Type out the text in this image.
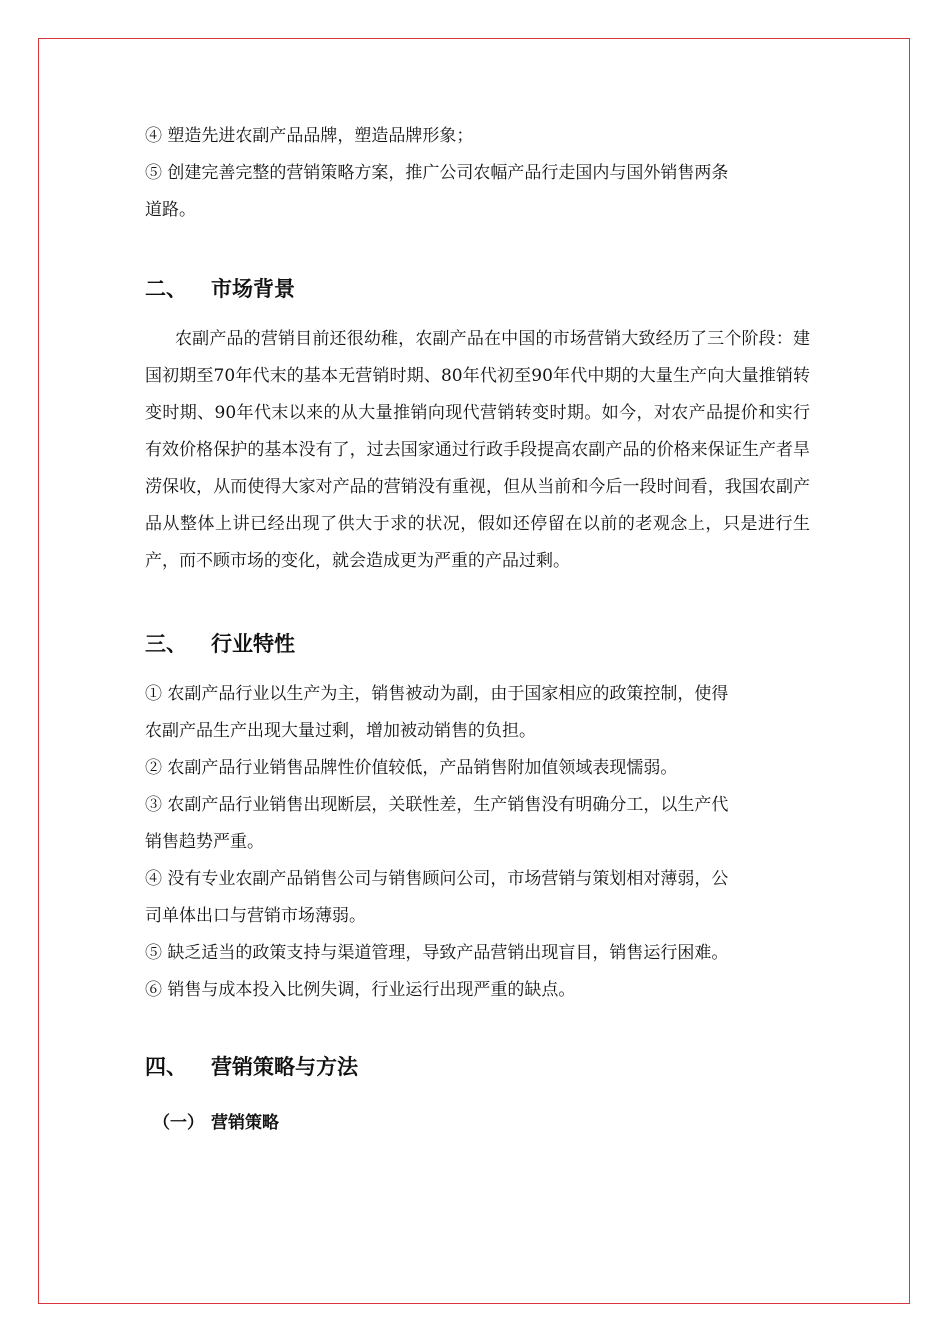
④ 塑造先进农副产品品牌，塑造品牌形象；
⑤ 创建完善完整的营销策略方案，推广公司农幅产品行走国内与国外销售两条
道路。
二、 市场背景

农副产品的营销目前还很幼稚，农副产品在中国的市场营销大致经历了三个阶段：建国初期至70年代末的基本无营销时期、80年代初至90年代中期的大量生产向大量推销转变时期、90年代末以来的从大量推销向现代营销转变时期。如今，对农产品提价和实行有效价格保护的基本没有了，过去国家通过行政手段提高农副产品的价格来保证生产者旱涝保收，从而使得大家对产品的营销没有重视，但从当前和今后一段时间看，我国农副产品从整体上讲已经出现了供大于求的状况，假如还停留在以前的老观念上，只是进行生产，而不顾市场的变化，就会造成更为严重的产品过剩。

三、 行业特性
① 农副产品行业以生产为主，销售被动为副，由于国家相应的政策控制，使得
农副产品生产出现大量过剩，增加被动销售的负担。
② 农副产品行业销售品牌性价值较低，产品销售附加值领域表现懦弱。
③ 农副产品行业销售出现断层，关联性差，生产销售没有明确分工，以生产代
销售趋势严重。
④ 没有专业农副产品销售公司与销售顾问公司，市场营销与策划相对薄弱，公
司单体出口与营销市场薄弱。
⑤ 缺乏适当的政策支持与渠道管理，导致产品营销出现盲目，销售运行困难。
⑥ 销售与成本投入比例失调，行业运行出现严重的缺点。
四、 营销策略与方法
（一） 营销策略
